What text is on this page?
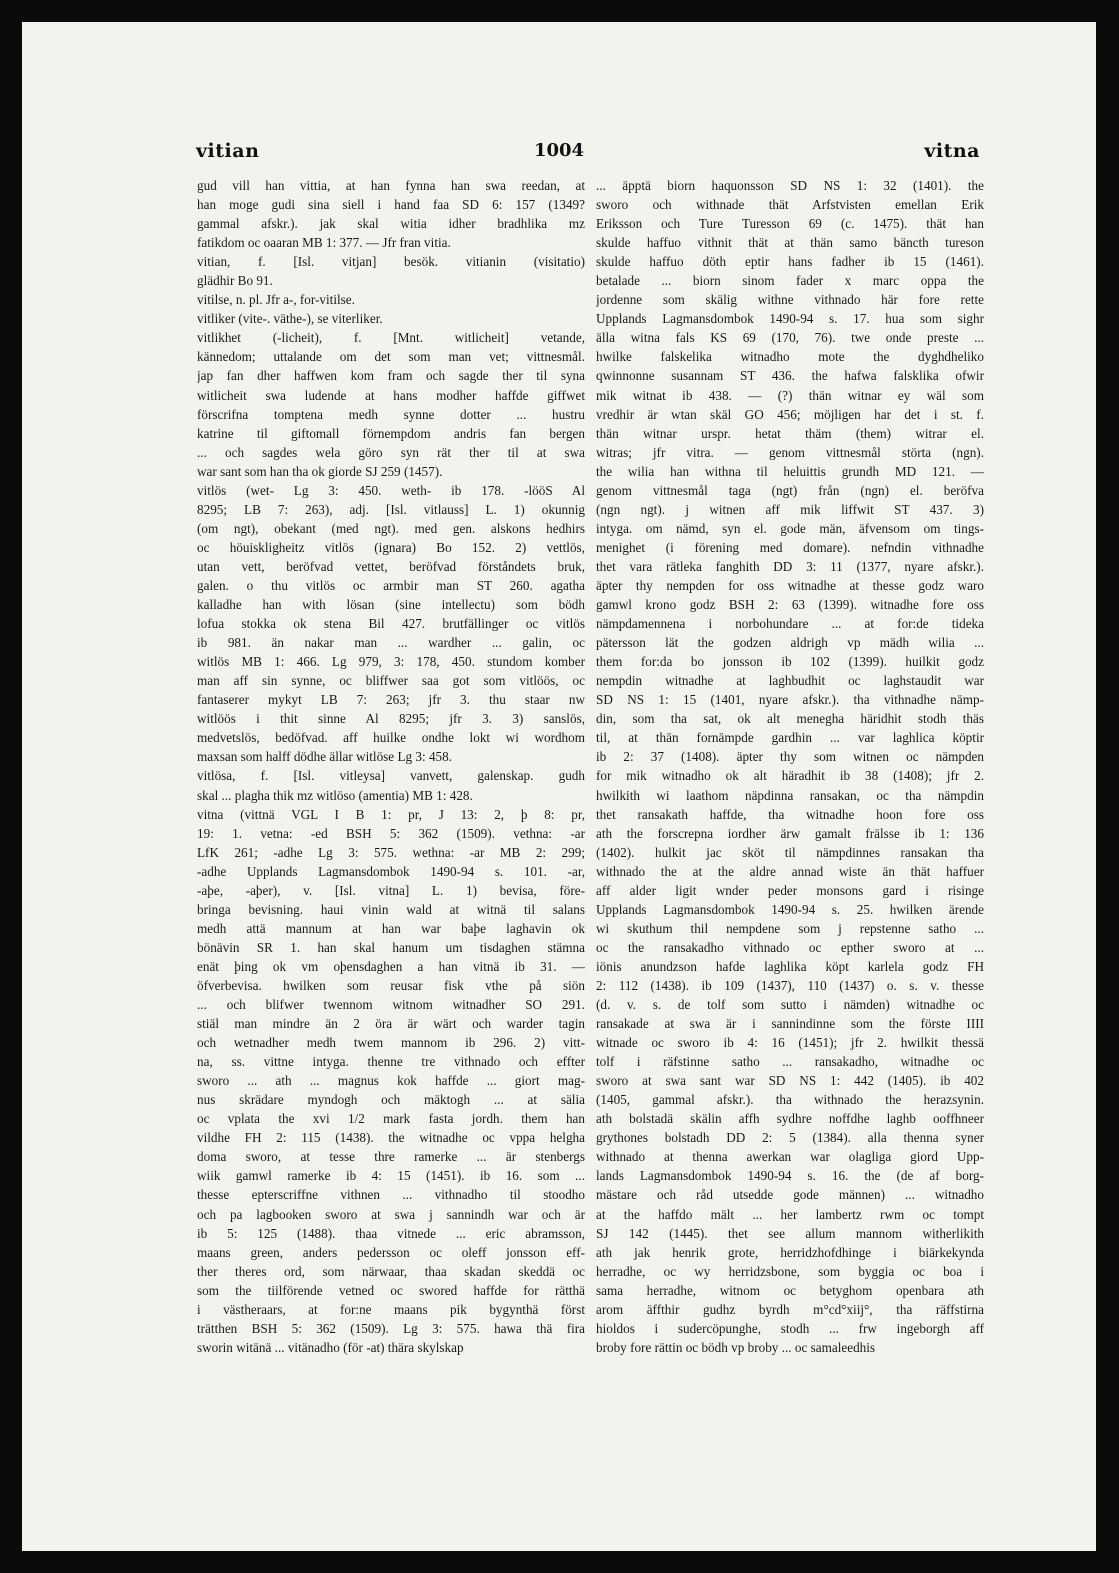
vitian	1004	vitna
gud vill han vittia, at han fynna han swa reedan, at
han moge gudi sina siell i hand faa SD 6: 157 (1349?
gammal afskr.). jak skal witia idher bradhlika mz
fatikdom oc oaaran MB 1: 377. — Jfr fran vitia.
vitian, f. [Isl. vitjan] besök. vitianin (visitatio)
glädhir Bo 91.
vitilse, n. pl. Jfr a-, for-vitilse.
vitliker (vite-. väthe-), se viterliker.
vitlikhet (-licheit), f. [Mnt. witlicheit] vetande,
kännedom; uttalande om det som man vet; vittnesmål.
jap fan dher haffwen kom fram och sagde ther til syna
witlicheit swa ludende at hans modher haffde giffwet
förscrifna tomptena medh synne dotter ... hustru
katrine til giftomall förnempdom andris fan bergen
... och sagdes wela göro syn rät ther til at swa
war sant som han tha ok giorde SJ 259 (1457).
vitlös (wet- Lg 3: 450. weth- ib 178. -lööS Al
8295; LB 7: 263), adj. [Isl. vitlauss] L. 1) okunnig
(om ngt), obekant (med ngt). med gen. alskons hedhirs
oc höuiskligheitz vitlös (ignara) Bo 152. 2) vettlös,
utan vett, beröfvad vettet, beröfvad förståndets bruk,
galen. o thu vitlös oc armbir man ST 260. agatha
kalladhe han with lösan (sine intellectu) som bödh
lofua stokka ok stena Bil 427. brutfällinger oc vitlös
ib 981. än nakar man ... wardher ... galin, oc
witlös MB 1: 466. Lg 979, 3: 178, 450. stundom komber
man aff sin synne, oc bliffwer saa got som vitlöös, oc
fantaserer mykyt LB 7: 263; jfr 3. thu staar nw
witlöös i thit sinne Al 8295; jfr 3. 3) sanslös,
medvetslös, bedöfvad. aff huilke ondhe lokt wi wordhom
maxsan som halff dödhe ällar witlöse Lg 3: 458.
vitlösa, f. [Isl. vitleysa] vanvett, galenskap. gudh
skal ... plagha thik mz witlöso (amentia) MB 1: 428.
vitna (vittnä VGL I B 1: pr, J 13: 2, þ 8: pr,
19: 1. vetna: -ed BSH 5: 362 (1509). vethna: -ar
LfK 261; -adhe Lg 3: 575. wethna: -ar MB 2: 299;
-adhe Upplands Lagmansdombok 1490-94 s. 101. -ar,
-aþe, -aþer), v. [Isl. vitna] L. 1) bevisa, före-
bringa bevisning. haui vinin wald at witnä til salans
medh attä mannum at han war baþe laghavin ok
bönävin SR 1. han skal hanum um tisdaghen stämna
enät þing ok vm oþensdaghen a han vitnä ib 31. —
öfverbevisa. hwilken som reusar fisk vthe på siön
... och blifwer twennom witnom witnadher SO 291.
stiäl man mindre än 2 öra är wärt och warder tagin
och wetnadher medh twem mannom ib 296. 2) vitt-
na, ss. vittne intyga. thenne tre vithnado och effter
sworo ... ath ... magnus kok haffde ... giort mag-
nus skrädare myndogh och mäktogh ... at sälia
oc vplata the xvi 1/2 mark fasta jordh. them han
vildhe FH 2: 115 (1438). the witnadhe oc vppa helgha
doma sworo, at tesse thre ramerke ... är stenbergs
wiik gamwl ramerke ib 4: 15 (1451). ib 16. som ...
thesse epterscriffne vithnen ... vithnadho til stoodho
och pa lagbooken sworo at swa j sannindh war och är
ib 5: 125 (1488). thaa vitnede ... eric abramsson,
maans green, anders pedersson oc oleff jonsson eff-
ther theres ord, som närwaar, thaa skadan skeddä oc
som the tiilförende vetned oc swored haffde for rätthä
i västheraars, at for:ne maans pik bygynthä först
trätthen BSH 5: 362 (1509). Lg 3: 575. hawa thä fira
sworin witänä ... vitänadho (för -at) thära skylskap
... äpptä biorn haquonsson SD NS 1: 32 (1401). the
sworo och withnade thät Arfstvisten emellan Erik
Eriksson och Ture Turesson 69 (c. 1475). thät han
skulde haffuo vithnit thät at thän samo bäncth tureson
skulde haffuo döth eptir hans fadher ib 15 (1461).
betalade ... biorn sinom fader x marc oppa the
jordenne som skälig withne vithnado här fore rette
Upplands Lagmansdombok 1490-94 s. 17. hua som sighr
älla witna fals KS 69 (170, 76). twe onde preste ...
hwilke falskelika witnadho mote the dyghdheliko
qwinnonne susannam ST 436. the hafwa falsklika ofwir
mik witnat ib 438. — (?) thän witnar ey wäl som
vredhir är wtan skäl GO 456; möjligen har det i st. f.
thän witnar urspr. hetat thäm (them) witrar el.
witras; jfr vitra. — genom vittnesmål störta (ngn).
the wilia han withna til heluittis grundh MD 121. —
genom vittnesmål taga (ngt) från (ngn) el. beröfva
(ngn ngt). j witnen aff mik liffwit ST 437. 3)
intyga. om nämd, syn el. gode män, äfvensom om tings-
menighet (i förening med domare). nefndin vithnadhe
thet vara rätleka fanghith DD 3: 11 (1377, nyare afskr.).
äpter thy nempden for oss witnadhe at thesse godz waro
gamwl krono godz BSH 2: 63 (1399). witnadhe fore oss
nämpdamennena i norbohundare ... at for:de tideka
pätersson lät the godzen aldrigh vp mädh wilia ...
them for:da bo jonsson ib 102 (1399). huilkit godz
nempdin witnadhe at laghbudhit oc laghstaudit war
SD NS 1: 15 (1401, nyare afskr.). tha vithnadhe nämp-
din, som tha sat, ok alt menegha häridhit stodh thäs
til, at thän fornämpde gardhin ... var laghlica köptir
ib 2: 37 (1408). äpter thy som witnen oc nämpden
for mik witnadho ok alt häradhit ib 38 (1408); jfr 2.
hwilkith wi laathom näpdinna ransakan, oc tha nämpdin
thet ransakath haffde, tha witnadhe hoon fore oss
ath the forscrepna iordher ärw gamalt frälsse ib 1: 136
(1402). hulkit jac sköt til nämpdinnes ransakan tha
withnado the at the aldre annad wiste än thät haffuer
aff alder ligit wnder peder monsons gard i risinge
Upplands Lagmansdombok 1490-94 s. 25. hwilken ärende
wi skuthum thil nempdene som j repstenne satho ...
oc the ransakadho vithnado oc epther sworo at ...
iönis anundzson hafde laghlika köpt karlela godz FH
2: 112 (1438). ib 109 (1437), 110 (1437) o. s. v. thesse
(d. v. s. de tolf som sutto i nämden) witnadhe oc
ransakade at swa är i sannindinne som the förste IIII
witnade oc sworo ib 4: 16 (1451); jfr 2. hwilkit thessä
tolf i räfstinne satho ... ransakadho, witnadhe oc
sworo at swa sant war SD NS 1: 442 (1405). ib 402
(1405, gammal afskr.). tha withnado the herazsynin.
ath bolstadä skälin affh sydhre noffdhe laghb ooffhneer
grythones bolstadh DD 2: 5 (1384). alla thenna syner
withnado at thenna awerkan war olagliga giord Upp-
lands Lagmansdombok 1490-94 s. 16. the (de af borg-
mästare och råd utsedde gode männen) ... witnadho
at the haffdo mält ... her lambertz rwm oc tompt
SJ 142 (1445). thet see allum mannom witherlikith
ath jak henrik grote, herridzhofdhinge i biärkekynda
herradhe, oc wy herridzsbone, som byggia oc boa i
sama herradhe, witnom oc betyghom openbara ath
arom äffthir gudhz byrdh m°cd°xiij°, tha räffstirna
hioldos i sudercöpunghe, stodh ... frw ingeborgh aff
broby fore rättin oc bödh vp broby ... oc samaleedhis
